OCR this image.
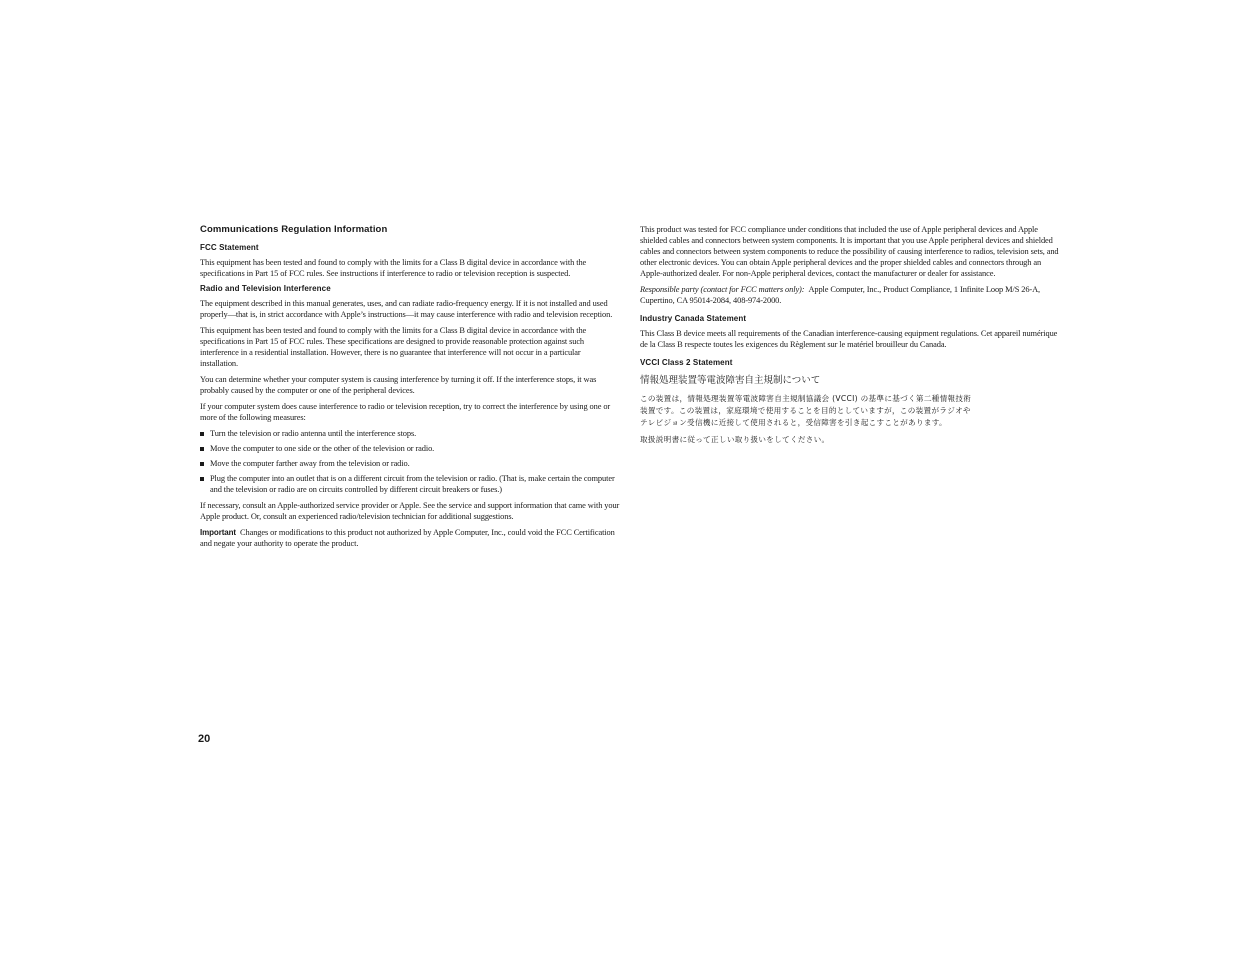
Communications Regulation Information
FCC Statement

This equipment has been tested and found to comply with the limits for a Class B digital device in accordance with the specifications in Part 15 of FCC rules. See instructions if interference to radio or television reception is suspected.

Radio and Television Interference

The equipment described in this manual generates, uses, and can radiate radio-frequency energy. If it is not installed and used properly—that is, in strict accordance with Apple’s instructions—it may cause interference with radio and television reception.

This equipment has been tested and found to comply with the limits for a Class B digital device in accordance with the specifications in Part 15 of FCC rules. These specifications are designed to provide reasonable protection against such interference in a residential installation. However, there is no guarantee that interference will not occur in a particular installation.

You can determine whether your computer system is causing interference by turning it off. If the interference stops, it was probably caused by the computer or one of the peripheral devices.

If your computer system does cause interference to radio or television reception, try to correct the interference by using one or more of the following measures:

Turn the television or radio antenna until the interference stops.
Move the computer to one side or the other of the television or radio.
Move the computer farther away from the television or radio.
Plug the computer into an outlet that is on a different circuit from the television or radio. (That is, make certain the computer and the television or radio are on circuits controlled by different circuit breakers or fuses.)

If necessary, consult an Apple-authorized service provider or Apple. See the service and support information that came with your Apple product. Or, consult an experienced radio/television technician for additional suggestions.

Important Changes or modifications to this product not authorized by Apple Computer, Inc., could void the FCC Certification and negate your authority to operate the product.

This product was tested for FCC compliance under conditions that included the use of Apple peripheral devices and Apple shielded cables and connectors between system components. It is important that you use Apple peripheral devices and shielded cables and connectors between system components to reduce the possibility of causing interference to radios, television sets, and other electronic devices. You can obtain Apple peripheral devices and the proper shielded cables and connectors through an Apple-authorized dealer. For non-Apple peripheral devices, contact the manufacturer or dealer for assistance.

Responsible party (contact for FCC matters only): Apple Computer, Inc., Product Compliance, 1 Infinite Loop M/S 26-A, Cupertino, CA 95014-2084, 408-974-2000.

Industry Canada Statement

This Class B device meets all requirements of the Canadian interference-causing equipment regulations. Cet appareil numérique de la Class B respecte toutes les exigences du Règlement sur le matériel brouilleur du Canada.

VCCI Class 2 Statement
情報処理装置等電波障害自主規制について

この装置は，情報処理装置等電波障害自主規制協議会 (VCCI) の基準に基づく第二種情報技術
装置です。この装置は，家庭環境で使用することを目的としていますが，この装置がラジオや
テレビジョン受信機に近接して使用されると，受信障害を引き起こすことがあります。

取扱説明書に従って正しい取り扱いをしてください。

20
